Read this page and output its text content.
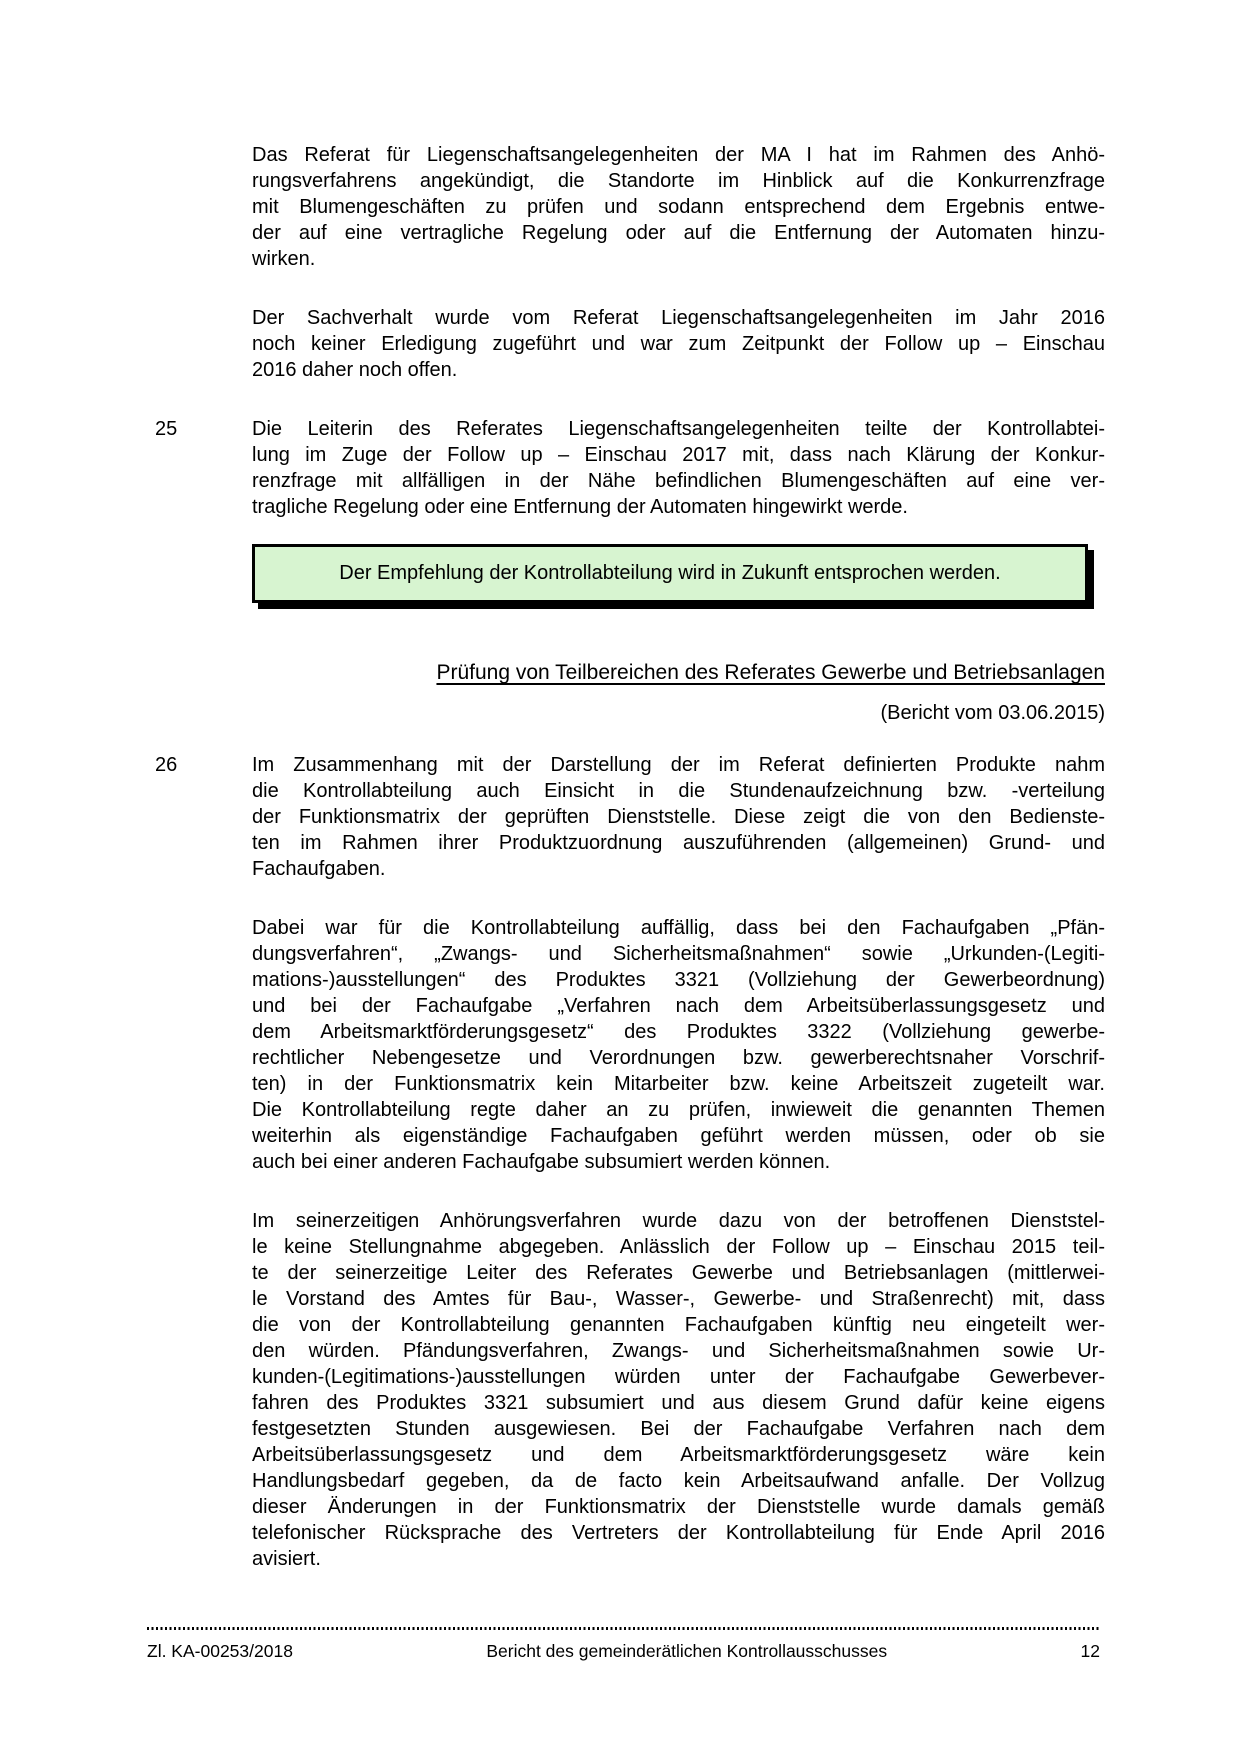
Das Referat für Liegenschaftsangelegenheiten der MA I hat im Rahmen des Anhö-
rungsverfahrens angekündigt, die Standorte im Hinblick auf die Konkurrenzfrage
mit Blumengeschäften zu prüfen und sodann entsprechend dem Ergebnis entwe-
der auf eine vertragliche Regelung oder auf die Entfernung der Automaten hinzu-
wirken.
Der Sachverhalt wurde vom Referat Liegenschaftsangelegenheiten im Jahr 2016
noch keiner Erledigung zugeführt und war zum Zeitpunkt der Follow up – Einschau
2016 daher noch offen.
25	Die Leiterin des Referates Liegenschaftsangelegenheiten teilte der Kontrollabtei-
lung im Zuge der Follow up – Einschau 2017 mit, dass nach Klärung der Konkur-
renzfrage mit allfälligen in der Nähe befindlichen Blumengeschäften auf eine ver-
tragliche Regelung oder eine Entfernung der Automaten hingewirkt werde.
Der Empfehlung der Kontrollabteilung wird in Zukunft entsprochen werden.
Prüfung von Teilbereichen des Referates Gewerbe und Betriebsanlagen
(Bericht vom 03.06.2015)
26	Im Zusammenhang mit der Darstellung der im Referat definierten Produkte nahm
die Kontrollabteilung auch Einsicht in die Stundenaufzeichnung bzw. -verteilung
der Funktionsmatrix der geprüften Dienststelle. Diese zeigt die von den Bedienste-
ten im Rahmen ihrer Produktzuordnung auszuführenden (allgemeinen) Grund- und
Fachaufgaben.
Dabei war für die Kontrollabteilung auffällig, dass bei den Fachaufgaben „Pfän-
dungsverfahren“, „Zwangs- und Sicherheitsmaßnahmen“ sowie „Urkunden-(Legiti-
mations-)ausstellungen“ des Produktes 3321 (Vollziehung der Gewerbeordnung)
und bei der Fachaufgabe „Verfahren nach dem Arbeitsüberlassungsgesetz und
dem Arbeitsmarktförderungsgesetz“ des Produktes 3322 (Vollziehung gewerbe-
rechtlicher Nebengesetze und Verordnungen bzw. gewerberechtsnaher Vorschrif-
ten) in der Funktionsmatrix kein Mitarbeiter bzw. keine Arbeitszeit zugeteilt war.
Die Kontrollabteilung regte daher an zu prüfen, inwieweit die genannten Themen
weiterhin als eigenständige Fachaufgaben geführt werden müssen, oder ob sie
auch bei einer anderen Fachaufgabe subsumiert werden können.
Im seinerzeitigen Anhörungsverfahren wurde dazu von der betroffenen Dienststel-
le keine Stellungnahme abgegeben. Anlässlich der Follow up – Einschau 2015 teil-
te der seinerzeitige Leiter des Referates Gewerbe und Betriebsanlagen (mittlerwei-
le Vorstand des Amtes für Bau-, Wasser-, Gewerbe- und Straßenrecht) mit, dass
die von der Kontrollabteilung genannten Fachaufgaben künftig neu eingeteilt wer-
den würden. Pfändungsverfahren, Zwangs- und Sicherheitsmaßnahmen sowie Ur-
kunden-(Legitimations-)ausstellungen würden unter der Fachaufgabe Gewerbever-
fahren des Produktes 3321 subsumiert und aus diesem Grund dafür keine eigens
festgesetzten Stunden ausgewiesen. Bei der Fachaufgabe Verfahren nach dem
Arbeitsüberlassungsgesetz und dem Arbeitsmarktförderungsgesetz wäre kein
Handlungsbedarf gegeben, da de facto kein Arbeitsaufwand anfalle. Der Vollzug
dieser Änderungen in der Funktionsmatrix der Dienststelle wurde damals gemäß
telefonischer Rücksprache des Vertreters der Kontrollabteilung für Ende April 2016
avisiert.
Zl. KA-00253/2018	Bericht des gemeinderätlichen Kontrollausschusses	12
